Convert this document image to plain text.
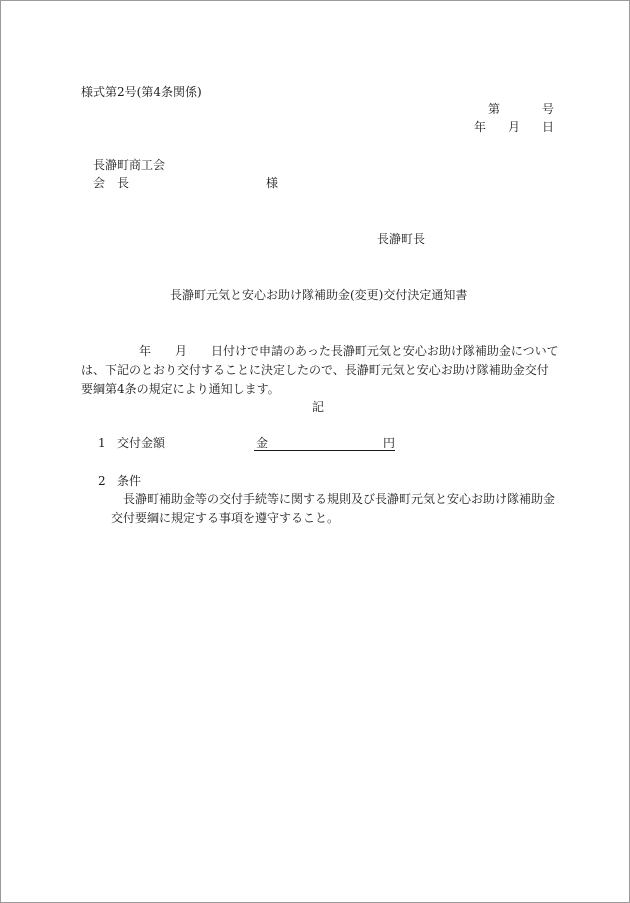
様式第2号(第4条関係)
第	号
年 月 日
長瀞町商工会
会　長	様
長瀞町長
長瀞町元気と安心お助け隊補助金(変更)交付決定通知書
年 月 日付けで申請のあった長瀞町元気と安心お助け隊補助金については、下記のとおり交付することに決定したので、長瀞町元気と安心お助け隊補助金交付要綱第4条の規定により通知します。
記
1 交付金額	金	円
2 条件
長瀞町補助金等の交付手続等に関する規則及び長瀞町元気と安心お助け隊補助金
交付要綱に規定する事項を遵守すること。
